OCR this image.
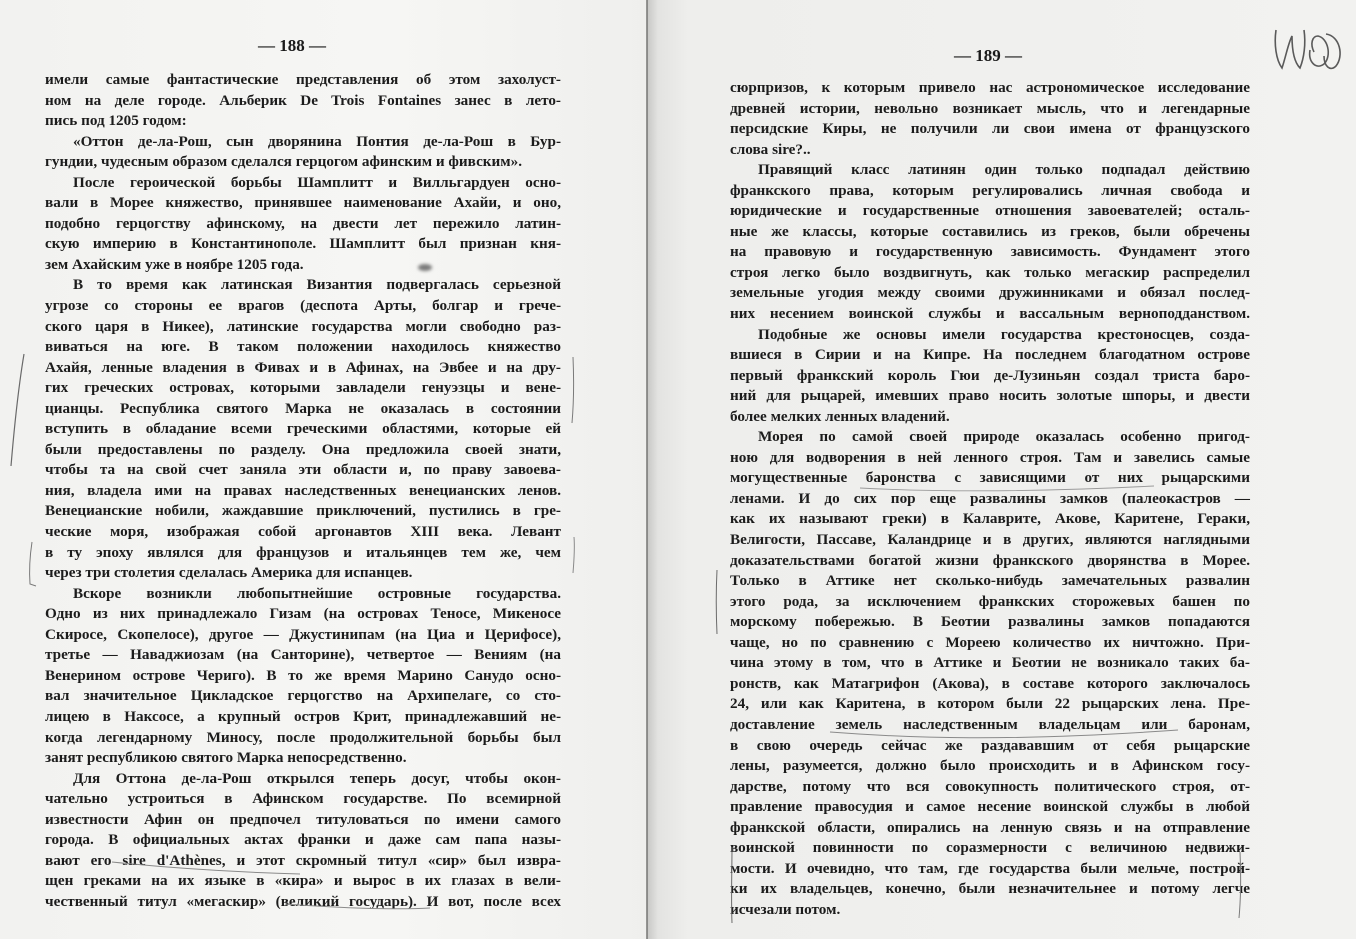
— 188 —
имели самые фантастические представления об этом захолуст-
ном на деле городе. Альберик De Trois Fontaines занес в лето-
пись под 1205 годом:
«Оттон де-ла-Рош, сын дворянина Понтия де-ла-Рош в Бур-
гундии, чудесным образом сделался герцогом афинским и фивским».
После героической борьбы Шамплитт и Вилльгардуен осно-
вали в Морее княжество, принявшее наименование Ахайи, и оно,
подобно герцогству афинскому, на двести лет пережило латин-
скую империю в Константинополе. Шамплитт был признан кня-
зем Ахайским уже в ноябре 1205 года.
В то время как латинская Византия подвергалась серьезной
угрозе со стороны ее врагов (деспота Арты, болгар и грече-
ского царя в Никее), латинские государства могли свободно раз-
виваться на юге. В таком положении находилось княжество
Ахайя, ленные владения в Фивах и в Афинах, на Эвбее и на дру-
гих греческих островах, которыми завладели генуэзцы и вене-
цианцы. Республика святого Марка не оказалась в состоянии
вступить в обладание всеми греческими областями, которые ей
были предоставлены по разделу. Она предложила своей знати,
чтобы та на свой счет заняла эти области и, по праву завоева-
ния, владела ими на правах наследственных венецианских ленов.
Венецианские нобили, жаждавшие приключений, пустились в гре-
ческие моря, изображая собой аргонавтов XIII века. Левант
в ту эпоху являлся для французов и итальянцев тем же, чем
через три столетия сделалась Америка для испанцев.
Вскоре возникли любопытнейшие островные государства.
Одно из них принадлежало Гизам (на островах Теносе, Микеносе
Скиросе, Скопелосе), другое — Джустинипам (на Циа и Церифосе),
третье — Наваджиозам (на Санторине), четвертое — Вениям (на
Венерином острове Чериго). В то же время Марино Санудо осно-
вал значительное Цикладское герцогство на Архипелаге, со сто-
лицею в Наксосе, а крупный остров Крит, принадлежавший не-
когда легендарному Миносу, после продолжительной борьбы был
занят республикою святого Марка непосредственно.
Для Оттона де-ла-Рош открылся теперь досуг, чтобы окон-
чательно устроиться в Афинском государстве. По всемирной
известности Афин он предпочел титуловаться по имени самого
города. В официальных актах франки и даже сам папа назы-
вают его sire d'Athènes, и этот скромный титул «сир» был извра-
щен греками на их языке в «кира» и вырос в их глазах в вели-
чественный титул «мегаскир» (великий государь). И вот, после всех
— 189 —
сюрпризов, к которым привело нас астрономическое исследование
древней истории, невольно возникает мысль, что и легендарные
персидские Киры, не получили ли свои имена от французского
слова sire?..
Правящий класс латинян один только подпадал действию
франкского права, которым регулировались личная свобода и
юридические и государственные отношения завоевателей; осталь-
ные же классы, которые составились из греков, были обречены
на правовую и государственную зависимость. Фундамент этого
строя легко было воздвигнуть, как только мегаскир распределил
земельные угодия между своими дружинниками и обязал послед-
них несением воинской службы и вассальным верноподданством.
Подобные же основы имели государства крестоносцев, созда-
вшиеся в Сирии и на Кипре. На последнем благодатном острове
первый франкский король Гюи де-Лузиньян создал триста баро-
ний для рыцарей, имевших право носить золотые шпоры, и двести
более мелких ленных владений.
Морея по самой своей природе оказалась особенно пригод-
ною для водворения в ней ленного строя. Там и завелись самые
могущественные баронства с зависящими от них рыцарскими
ленами. И до сих пор еще развалины замков (палеокастров —
как их называют греки) в Калаврите, Акове, Каритене, Гераки,
Велигости, Пассаве, Каландрице и в других, являются наглядными
доказательствами богатой жизни франкского дворянства в Морее.
Только в Аттике нет сколько-нибудь замечательных развалин
этого рода, за исключением франкских сторожевых башен по
морскому побережью. В Беотии развалины замков попадаются
чаще, но по сравнению с Мореею количество их ничтожно. При-
чина этому в том, что в Аттике и Беотии не возникало таких ба-
ронств, как Матагрифон (Акова), в составе которого заключалось
24, или как Каритена, в котором были 22 рыцарских лена. Пре-
доставление земель наследственным владельцам или баронам,
в свою очередь сейчас же раздававшим от себя рыцарские
лены, разумеется, должно было происходить и в Афинском госу-
дарстве, потому что вся совокупность политического строя, от-
правление правосудия и самое несение воинской службы в любой
франкской области, опирались на ленную связь и на отправление
воинской повинности по соразмерности с величиною недвижи-
мости. И очевидно, что там, где государства были мельче, построй-
ки их владельцев, конечно, были незначительнее и потому легче
исчезали потом.
